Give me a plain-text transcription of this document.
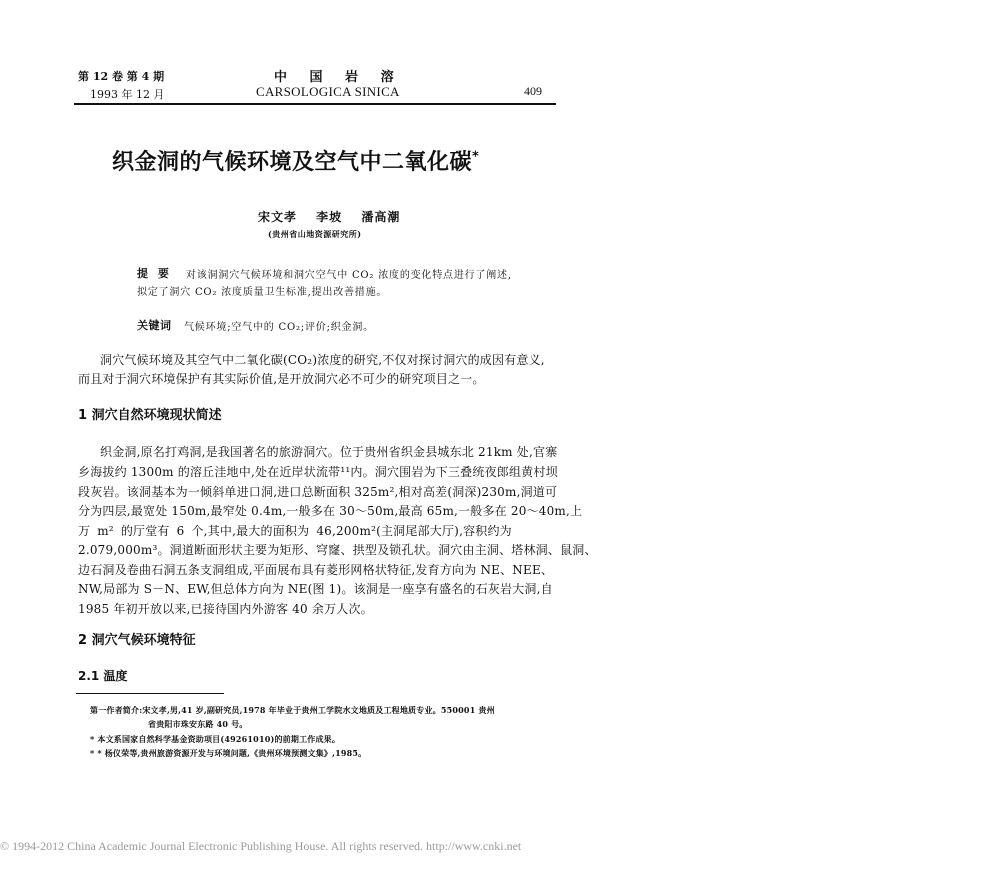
第 12 卷 第 4 期
1993 年 12 月
中 国 岩 溶
CARSOLOGICA SINICA	409
织金洞的气候环境及空气中二氧化碳*
宋文孝 李坡 潘高潮
(贵州省山地资源研究所)
提 要 对该洞洞穴气候环境和洞穴空气中 CO₂ 浓度的变化特点进行了阐述,
拟定了洞穴 CO₂ 浓度质量卫生标准,提出改善措施。
关键词 气候环境;空气中的 CO₂;评价;织金洞。
洞穴气候环境及其空气中二氧化碳(CO₂)浓度的研究,不仅对探讨洞穴的成因有意义,
而且对于洞穴环境保护有其实际价值,是开放洞穴必不可少的研究项目之一。
1 洞穴自然环境现状简述
织金洞,原名打鸡洞,是我国著名的旅游洞穴。位于贵州省织金县城东北 21km 处,官寨
乡海拔约 1300m 的溶丘洼地中,处在近岸状流带¹¹内。洞穴围岩为下三叠统夜郎组黄村坝
段灰岩。该洞基本为一倾斜单进口洞,进口总断面积 325m²,相对高差(洞深)230m,洞道可
分为四层,最宽处 150m,最窄处 0.4m,一般多在 30～50m,最高 65m,一般多在 20～40m,上
万 m² 的厅堂有 6 个,其中,最大的面积为 46,200m²(主洞尾部大厅),容积约为
2.079,000m³。洞道断面形状主要为矩形、穹窿、拱型及锁孔状。洞穴由主洞、塔林洞、鼠洞、
边石洞及卷曲石洞五条支洞组成,平面展布具有菱形网格状特征,发育方向为 NE、NEE、
NW,局部为 S－N、EW,但总体方向为 NE(图 1)。该洞是一座享有盛名的石灰岩大洞,自
1985 年初开放以来,已接待国内外游客 40 余万人次。
2 洞穴气候环境特征
2.1 温度
第一作者简介:宋文孝,男,41 岁,副研究员,1978 年毕业于贵州工学院水文地质及工程地质专业。550001 贵州
省贵阳市珠安东路 40 号。
* 本文系国家自然科学基金资助项目(49261010)的前期工作成果。
* * 杨仪荣等,贵州旅游资源开发与环境问题,《贵州环境预测文集》,1985。
© 1994-2012 China Academic Journal Electronic Publishing House. All rights reserved. http://www.cnki.net
